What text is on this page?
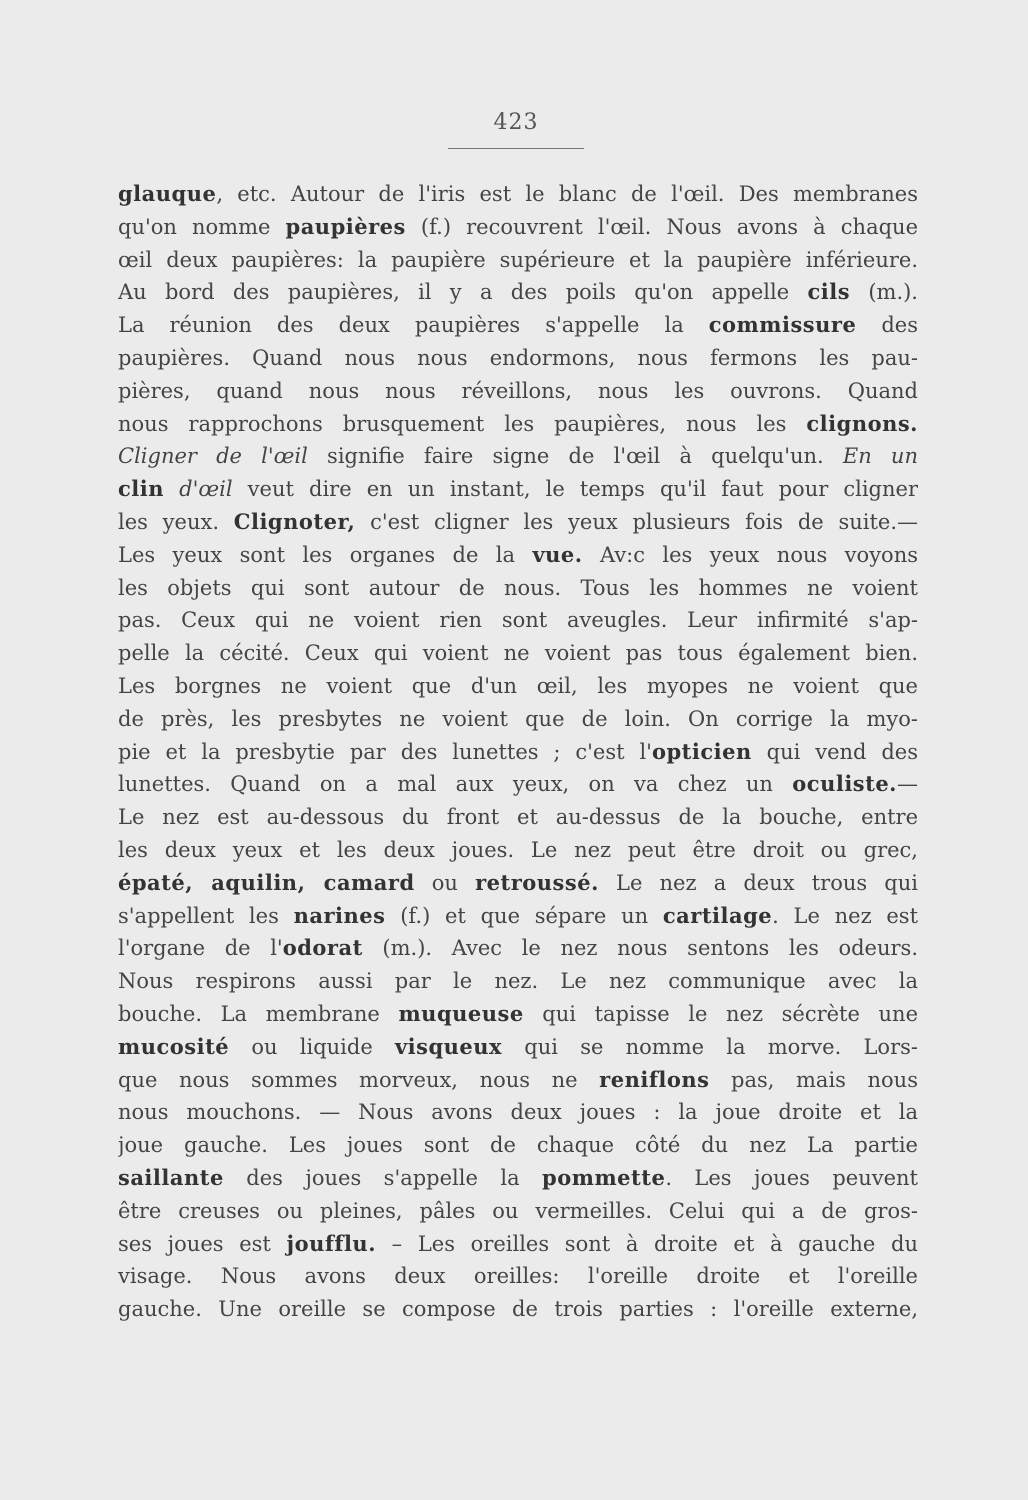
423
glauque, etc. Autour de l'iris est le blanc de l'œil. Des membranes
qu'on nomme paupières (f.) recouvrent l'œil. Nous avons à chaque
œil deux paupières: la paupière supérieure et la paupière inférieure.
Au bord des paupières, il y a des poils qu'on appelle cils (m.).
La réunion des deux paupières s'appelle la commissure des
paupières. Quand nous nous endormons, nous fermons les pau-
pières, quand nous nous réveillons, nous les ouvrons. Quand
nous rapprochons brusquement les paupières, nous les clignons.
Cligner de l'œil signifie faire signe de l'œil à quelqu'un. En un
clin d'œil veut dire en un instant, le temps qu'il faut pour cligner
les yeux. Clignoter, c'est cligner les yeux plusieurs fois de suite.—
Les yeux sont les organes de la vue. Av:c les yeux nous voyons
les objets qui sont autour de nous. Tous les hommes ne voient
pas. Ceux qui ne voient rien sont aveugles. Leur infirmité s'ap-
pelle la cécité. Ceux qui voient ne voient pas tous également bien.
Les borgnes ne voient que d'un œil, les myopes ne voient que
de près, les presbytes ne voient que de loin. On corrige la myo-
pie et la presbytie par des lunettes ; c'est l'opticien qui vend des
lunettes. Quand on a mal aux yeux, on va chez un oculiste.—
Le nez est au-dessous du front et au-dessus de la bouche, entre
les deux yeux et les deux joues. Le nez peut être droit ou grec,
épaté, aquilin, camard ou retroussé. Le nez a deux trous qui
s'appellent les narines (f.) et que sépare un cartilage. Le nez est
l'organe de l'odorat (m.). Avec le nez nous sentons les odeurs.
Nous respirons aussi par le nez. Le nez communique avec la
bouche. La membrane muqueuse qui tapisse le nez sécrète une
mucosité ou liquide visqueux qui se nomme la morve. Lors-
que nous sommes morveux, nous ne reniflons pas, mais nous
nous mouchons. — Nous avons deux joues : la joue droite et la
joue gauche. Les joues sont de chaque côté du nez La partie
saillante des joues s'appelle la pommette. Les joues peuvent
être creuses ou pleines, pâles ou vermeilles. Celui qui a de gros-
ses joues est joufflu. – Les oreilles sont à droite et à gauche du
visage. Nous avons deux oreilles: l'oreille droite et l'oreille
gauche. Une oreille se compose de trois parties : l'oreille externe,
